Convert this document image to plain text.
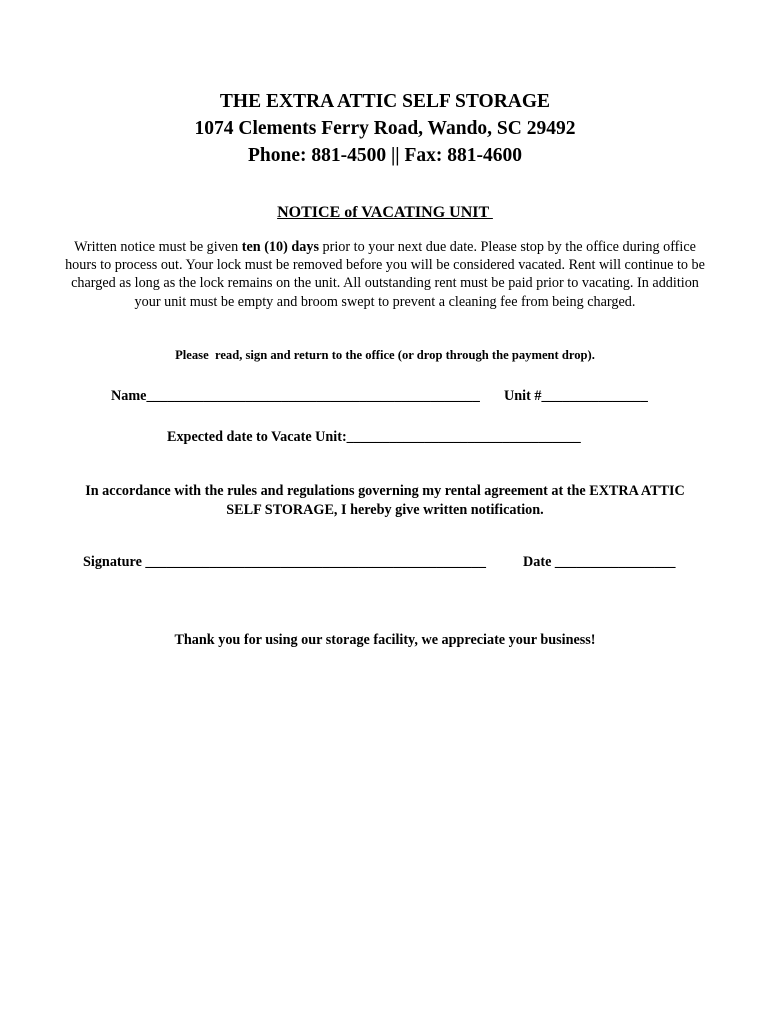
THE EXTRA ATTIC SELF STORAGE
1074 Clements Ferry Road, Wando, SC 29492
Phone: 881-4500 || Fax: 881-4600
NOTICE of VACATING UNIT
Written notice must be given ten (10) days prior to your next due date. Please stop by the office during office hours to process out. Your lock must be removed before you will be considered vacated. Rent will continue to be charged as long as the lock remains on the unit. All outstanding rent must be paid prior to vacating. In addition your unit must be empty and broom swept to prevent a cleaning fee from being charged.
Please  read, sign and return to the office (or drop through the payment drop).
Name_______________________________________________ Unit #_______________
Expected date to Vacate Unit:_________________________________
In accordance with the rules and regulations governing my rental agreement at the EXTRA ATTIC SELF STORAGE, I hereby give written notification.
Signature ________________________________________________	Date _________________
Thank you for using our storage facility, we appreciate your business!
